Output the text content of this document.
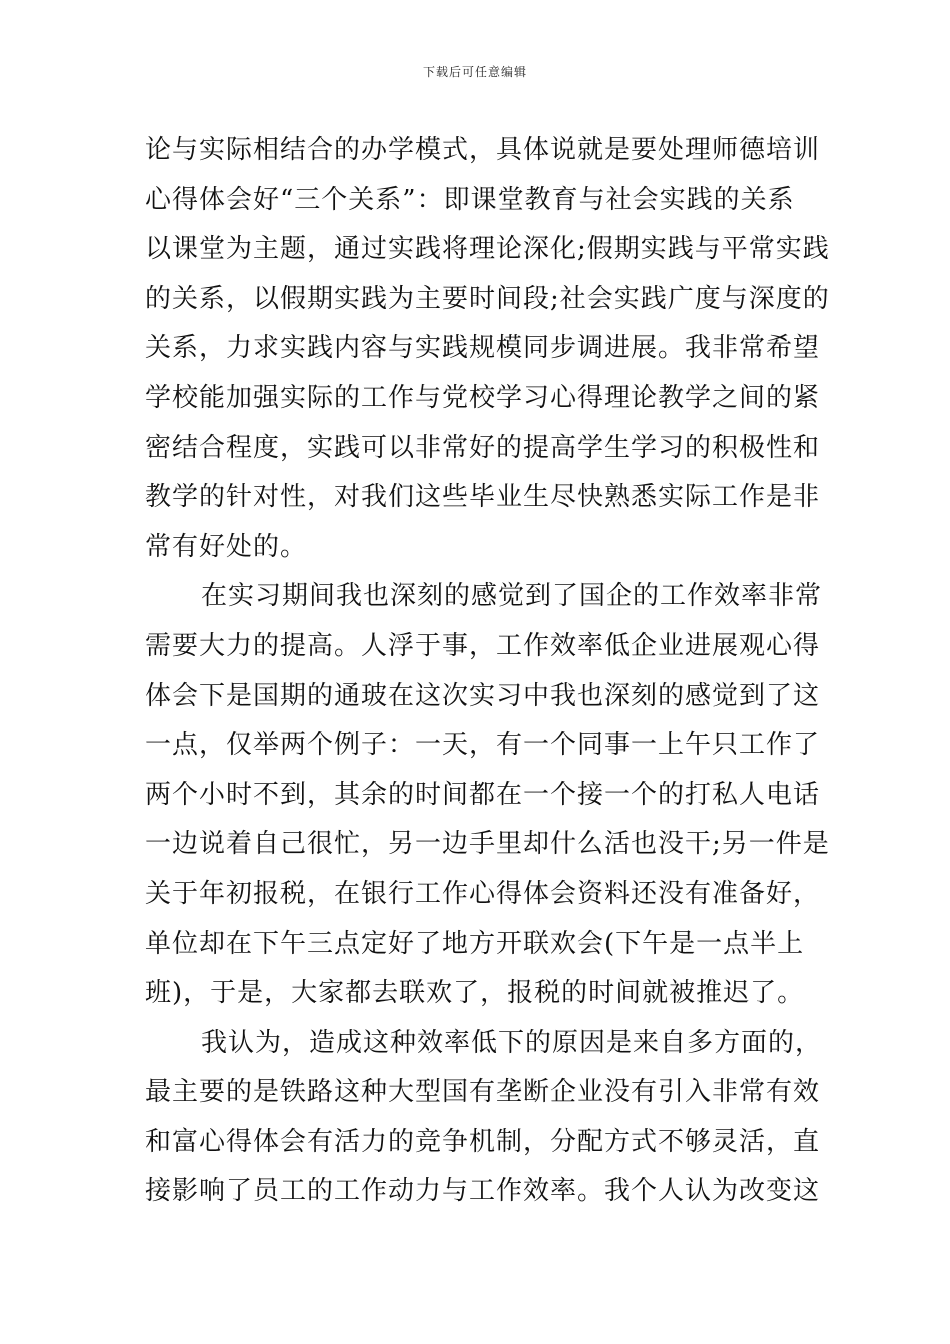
下载后可任意编辑
论与实际相结合的办学模式，具体说就是要处理师德培训
心得体会好“三个关系”：即课堂教育与社会实践的关系
以课堂为主题，通过实践将理论深化;假期实践与平常实践
的关系，以假期实践为主要时间段;社会实践广度与深度的
关系，力求实践内容与实践规模同步调进展。我非常希望
学校能加强实际的工作与党校学习心得理论教学之间的紧
密结合程度，实践可以非常好的提高学生学习的积极性和
教学的针对性，对我们这些毕业生尽快熟悉实际工作是非
常有好处的。
在实习期间我也深刻的感觉到了国企的工作效率非常
需要大力的提高。人浮于事，工作效率低企业进展观心得
体会下是国期的通玻在这次实习中我也深刻的感觉到了这
一点，仅举两个例子：一天，有一个同事一上午只工作了
两个小时不到，其余的时间都在一个接一个的打私人电话
一边说着自己很忙，另一边手里却什么活也没干;另一件是
关于年初报税，在银行工作心得体会资料还没有准备好，
单位却在下午三点定好了地方开联欢会(下午是一点半上
班)，于是，大家都去联欢了，报税的时间就被推迟了。
我认为，造成这种效率低下的原因是来自多方面的，
最主要的是铁路这种大型国有垄断企业没有引入非常有效
和富心得体会有活力的竞争机制，分配方式不够灵活，直
接影响了员工的工作动力与工作效率。我个人认为改变这
